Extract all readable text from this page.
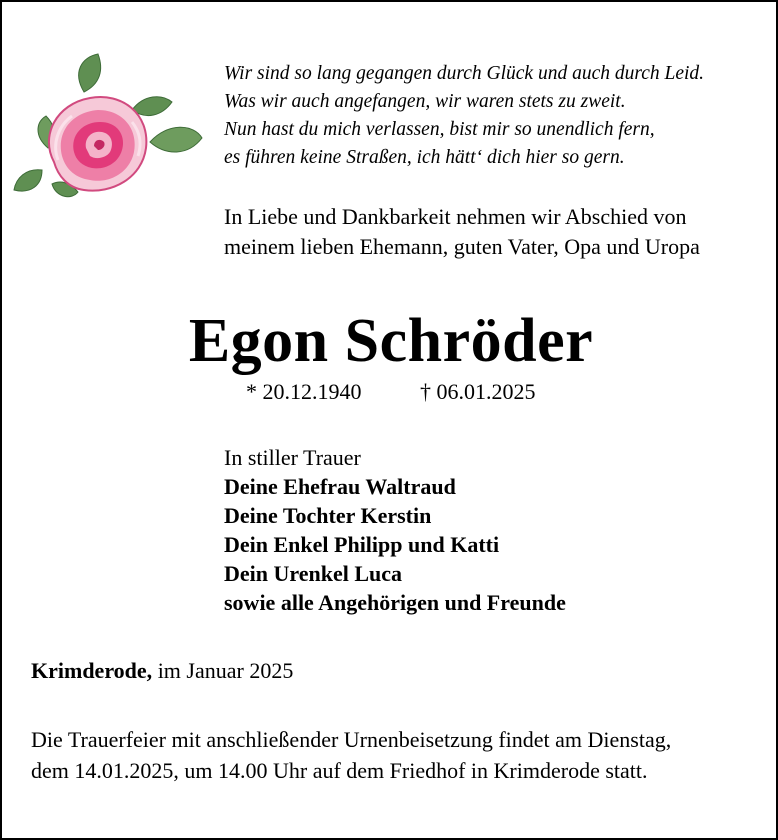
Wir sind so lang gegangen durch Glück und auch durch Leid.
Was wir auch angefangen, wir waren stets zu zweit.
Nun hast du mich verlassen, bist mir so unendlich fern,
es führen keine Straßen, ich hätt‘ dich hier so gern.
In Liebe und Dankbarkeit nehmen wir Abschied von
meinem lieben Ehemann, guten Vater, Opa und Uropa
Egon Schröder
* 20.12.1940	† 06.01.2025
In stiller Trauer
Deine Ehefrau Waltraud
Deine Tochter Kerstin
Dein Enkel Philipp und Katti
Dein Urenkel Luca
sowie alle Angehörigen und Freunde
Krimderode, im Januar 2025
Die Trauerfeier mit anschließender Urnenbeisetzung findet am Dienstag,
dem 14.01.2025, um 14.00 Uhr auf dem Friedhof in Krimderode statt.
